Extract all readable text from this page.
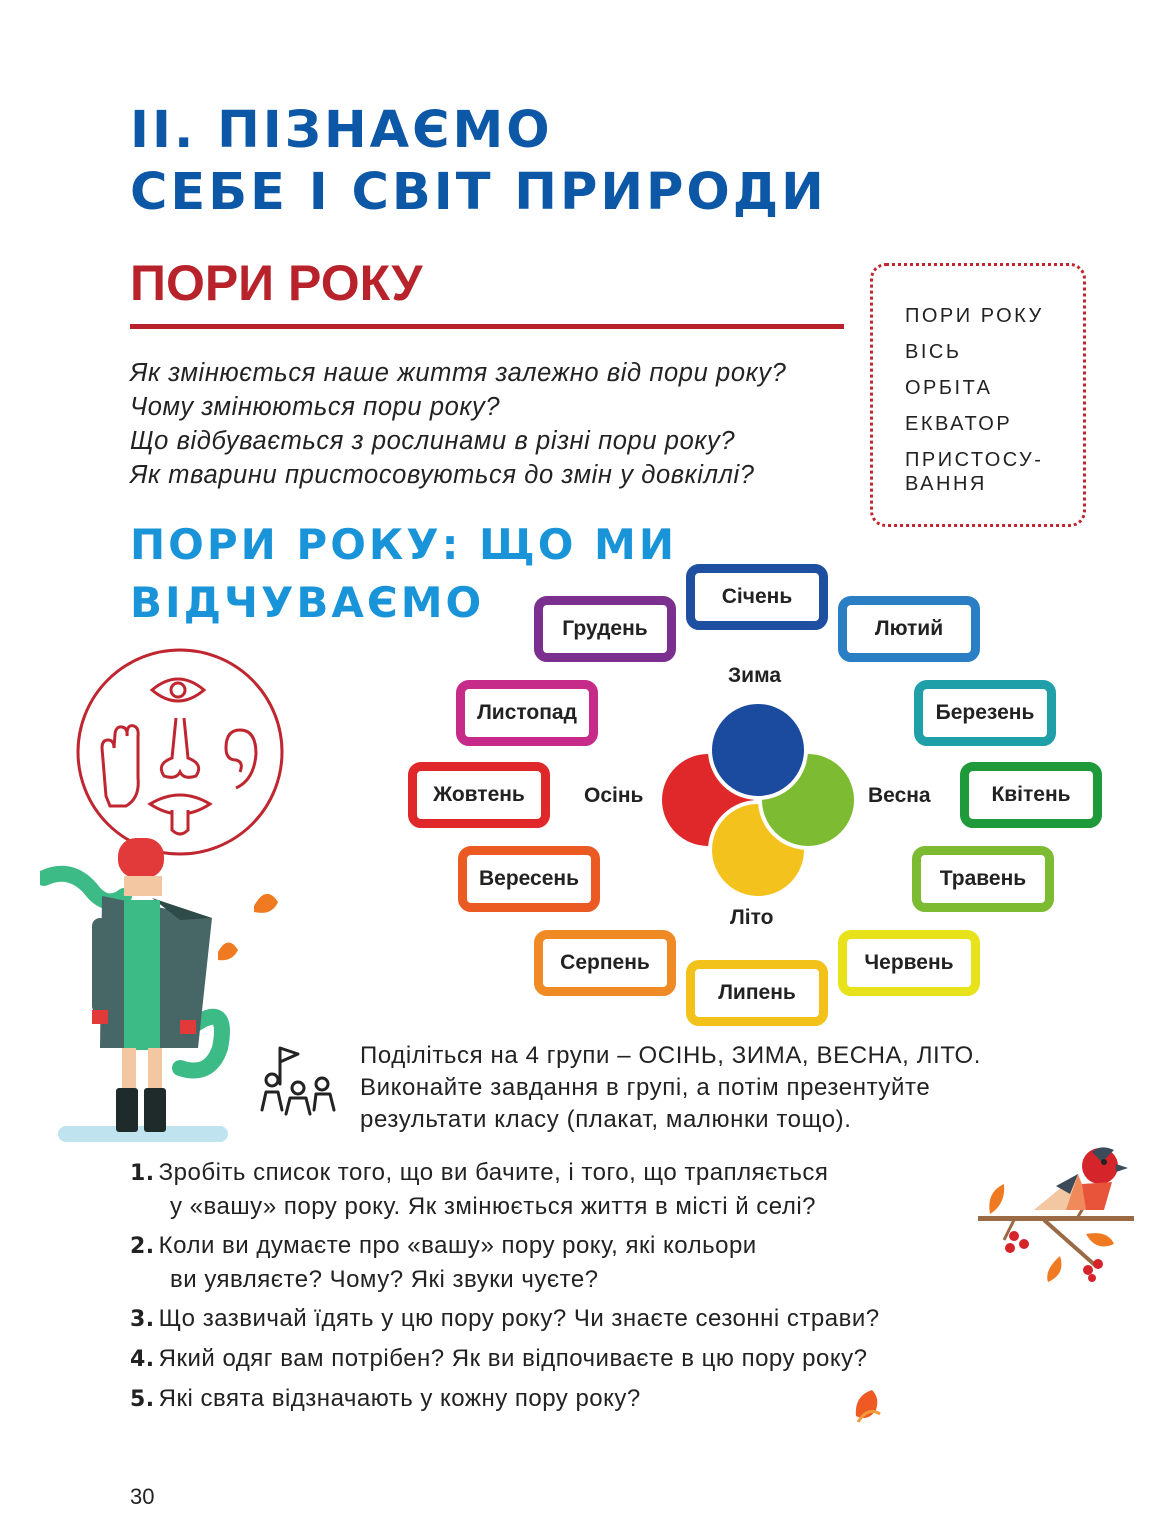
II. ПІЗНАЄМО
СЕБЕ І СВІТ ПРИРОДИ
ПОРИ РОКУ
Як змінюється наше життя залежно від пори року?
Чому змінюються пори року?
Що відбувається з рослинами в різні пори року?
Як тварини пристосовуються до змін у довкіллі?
ПОРИ РОКУ
ВІСЬ
ОРБІТА
ЕКВАТОР
ПРИСТОСУ-ВАННЯ
ПОРИ РОКУ: ЩО МИ
ВІДЧУВАЄМО
Зима
Весна
Літо
Осінь
Січень
Лютий
Березень
Квітень
Травень
Червень
Липень
Серпень
Вересень
Жовтень
Листопад
Грудень
Поділіться на 4 групи – ОСІНЬ, ЗИМА, ВЕСНА, ЛІТО.
Виконайте завдання в групі, а потім презентуйте
результати класу (плакат, малюнки тощо).
1. Зробіть список того, що ви бачите, і того, що трапляється
у «вашу» пору року. Як змінюється життя в місті й селі?
2. Коли ви думаєте про «вашу» пору року, які кольори
ви уявляєте? Чому? Які звуки чуєте?
3. Що зазвичай їдять у цю пору року? Чи знаєте сезонні страви?
4. Який одяг вам потрібен? Як ви відпочиваєте в цю пору року?
5. Які свята відзначають у кожну пору року?
30
